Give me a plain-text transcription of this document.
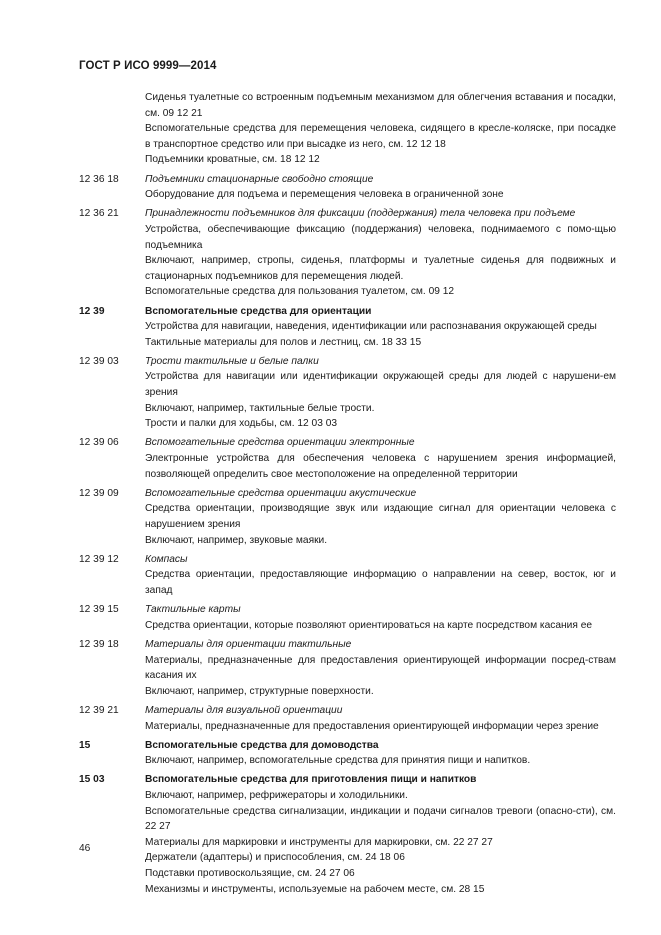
ГОСТ Р ИСО 9999—2014
Сиденья туалетные со встроенным подъемным механизмом для облегчения вставания и посадки, см. 09 12 21
Вспомогательные средства для перемещения человека, сидящего в кресле-коляске, при посадке в транспортное средство или при высадке из него, см. 12 12 18
Подъемники кроватные, см. 18 12 12
12 36 18	Подъемники стационарные свободно стоящие
Оборудование для подъема и перемещения человека в ограниченной зоне
12 36 21	Принадлежности подъемников для фиксации (поддержания) тела человека при подъеме
Устройства, обеспечивающие фиксацию (поддержания) человека, поднимаемого с помо-щью подъемника
Включают, например, стропы, сиденья, платформы и туалетные сиденья для подвижных и стационарных подъемников для перемещения людей.
Вспомогательные средства для пользования туалетом, см. 09 12
12 39	Вспомогательные средства для ориентации
Устройства для навигации, наведения, идентификации или распознавания окружающей среды
Тактильные материалы для полов и лестниц, см. 18 33 15
12 39 03	Трости тактильные и белые палки
Устройства для навигации или идентификации окружающей среды для людей с нарушени-ем зрения
Включают, например, тактильные белые трости.
Трости и палки для ходьбы, см. 12 03 03
12 39 06	Вспомогательные средства ориентации электронные
Электронные устройства для обеспечения человека с нарушением зрения информацией, позволяющей определить свое местоположение на определенной территории
12 39 09	Вспомогательные средства ориентации акустические
Средства ориентации, производящие звук или издающие сигнал для ориентации человека с нарушением зрения
Включают, например, звуковые маяки.
12 39 12	Компасы
Средства ориентации, предоставляющие информацию о направлении на север, восток, юг и запад
12 39 15	Тактильные карты
Средства ориентации, которые позволяют ориентироваться на карте посредством касания ее
12 39 18	Материалы для ориентации тактильные
Материалы, предназначенные для предоставления ориентирующей информации посред-ствам касания их
Включают, например, структурные поверхности.
12 39 21	Материалы для визуальной ориентации
Материалы, предназначенные для предоставления ориентирующей информации через зрение
15	Вспомогательные средства для домоводства
Включают, например, вспомогательные средства для принятия пищи и напитков.
15 03	Вспомогательные средства для приготовления пищи и напитков
Включают, например, рефрижераторы и холодильники.
Вспомогательные средства сигнализации, индикации и подачи сигналов тревоги (опасно-сти), см. 22 27
Материалы для маркировки и инструменты для маркировки, см. 22 27 27
Держатели (адаптеры) и приспособления, см. 24 18 06
Подставки противоскользящие, см. 24 27 06
Механизмы и инструменты, используемые на рабочем месте, см. 28 15
46
